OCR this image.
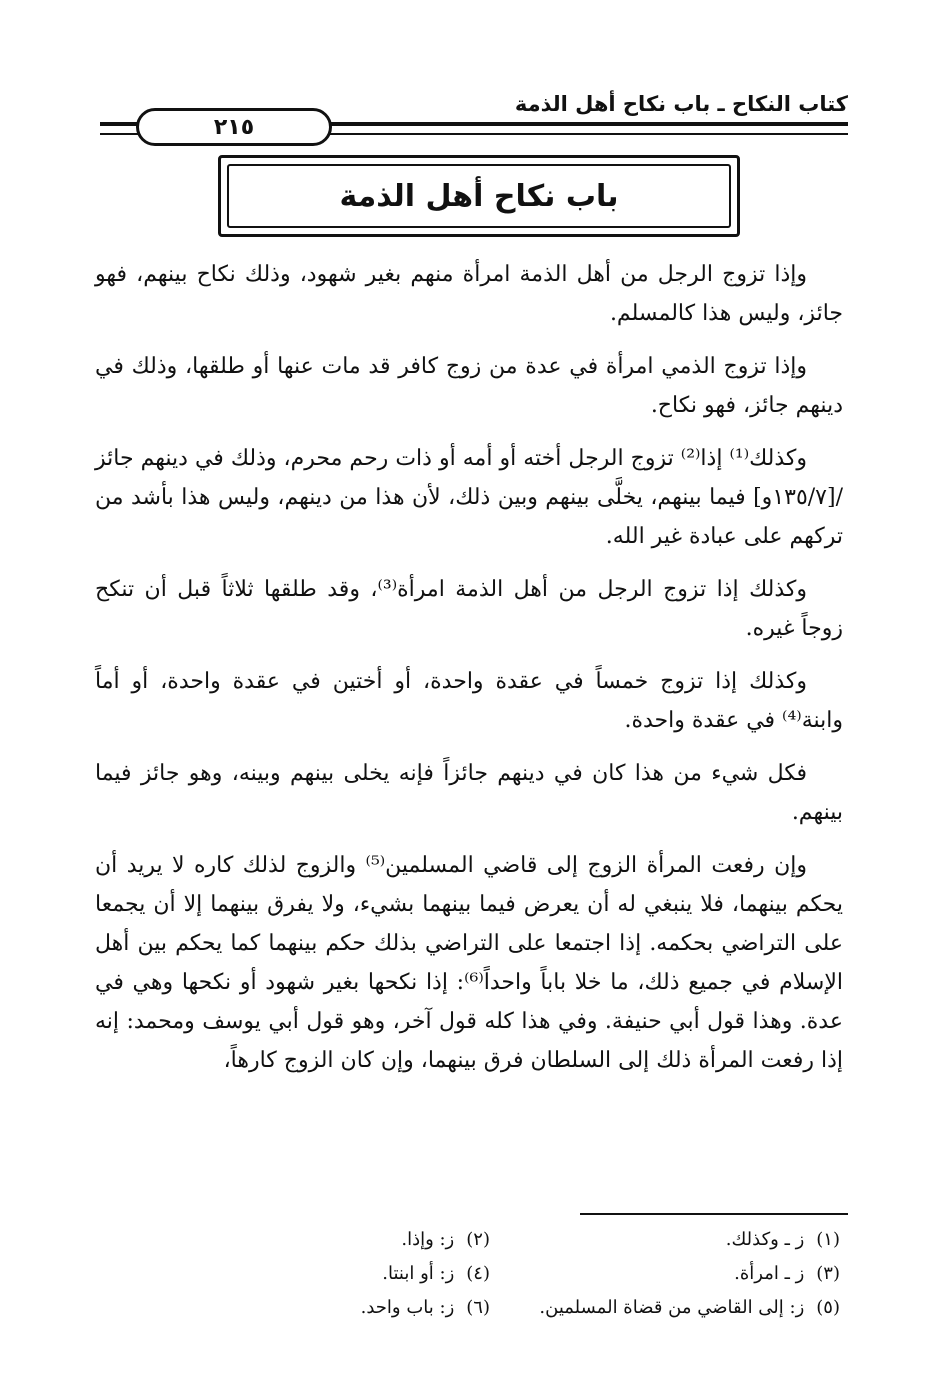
كتاب النكاح ـ باب نكاح أهل الذمة
٢١٥
باب نكاح أهل الذمة

وإذا تزوج الرجل من أهل الذمة امرأة منهم بغير شهود، وذلك نكاح بينهم، فهو جائز، وليس هذا كالمسلم.

وإذا تزوج الذمي امرأة في عدة من زوج كافر قد مات عنها أو طلقها، وذلك في دينهم جائز، فهو نكاح.

وكذلك⁽¹⁾ إذا⁽²⁾ تزوج الرجل أخته أو أمه أو ذات رحم محرم، وذلك في دينهم جائز /[١٣٥/٧و] فيما بينهم، يخلَّى بينهم وبين ذلك، لأن هذا من دينهم، وليس هذا بأشد من تركهم على عبادة غير الله.

وكذلك إذا تزوج الرجل من أهل الذمة امرأة⁽³⁾، وقد طلقها ثلاثاً قبل أن تنكح زوجاً غيره.

وكذلك إذا تزوج خمساً في عقدة واحدة، أو أختين في عقدة واحدة، أو أماً وابنة⁽⁴⁾ في عقدة واحدة.

فكل شيء من هذا كان في دينهم جائزاً فإنه يخلى بينهم وبينه، وهو جائز فيما بينهم.

وإن رفعت المرأة الزوج إلى قاضي المسلمين⁽⁵⁾ والزوج لذلك كاره لا يريد أن يحكم بينهما، فلا ينبغي له أن يعرض فيما بينهما بشيء، ولا يفرق بينهما إلا أن يجمعا على التراضي بحكمه. إذا اجتمعا على التراضي بذلك حكم بينهما كما يحكم بين أهل الإسلام في جميع ذلك، ما خلا باباً واحداً⁽⁶⁾: إذا نكحها بغير شهود أو نكحها وهي في عدة. وهذا قول أبي حنيفة. وفي هذا كله قول آخر، وهو قول أبي يوسف ومحمد: إنه إذا رفعت المرأة ذلك إلى السلطان فرق بينهما، وإن كان الزوج كارهاً،

(١)ز ـ وكذلك.
(٢)ز: وإذا.
(٣)ز ـ امرأة.
(٤)ز: أو ابنتا.
(٥)ز: إلى القاضي من قضاة المسلمين.
(٦)ز: باب واحد.
